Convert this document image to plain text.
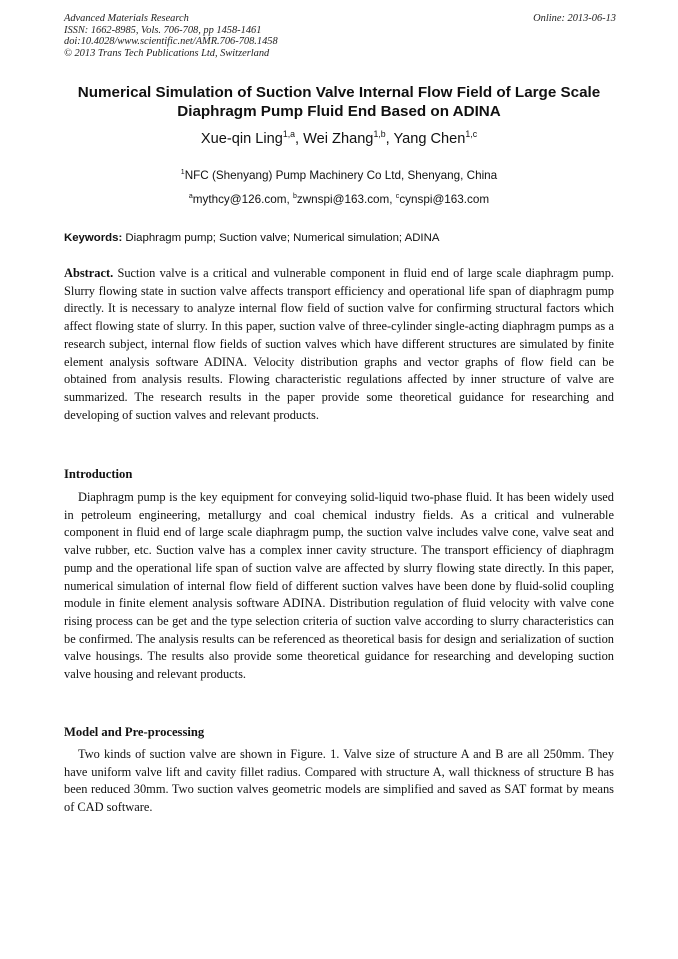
Advanced Materials Research
ISSN: 1662-8985, Vols. 706-708, pp 1458-1461
doi:10.4028/www.scientific.net/AMR.706-708.1458
© 2013 Trans Tech Publications Ltd, Switzerland
Online: 2013-06-13
Numerical Simulation of Suction Valve Internal Flow Field of Large Scale Diaphragm Pump Fluid End Based on ADINA
Xue-qin Ling$^{1,a}$, Wei Zhang$^{1,b}$, Yang Chen$^{1,c}$
$^1$NFC (Shenyang) Pump Machinery Co Ltd, Shenyang, China
$^a$mythcy@126.com, $^b$zwnspi@163.com, $^c$cynspi@163.com
Keywords: Diaphragm pump; Suction valve; Numerical simulation; ADINA
Abstract. Suction valve is a critical and vulnerable component in fluid end of large scale diaphragm pump. Slurry flowing state in suction valve affects transport efficiency and operational life span of diaphragm pump directly. It is necessary to analyze internal flow field of suction valve for confirming structural factors which affect flowing state of slurry. In this paper, suction valve of three-cylinder single-acting diaphragm pumps as a research subject, internal flow fields of suction valves which have different structures are simulated by finite element analysis software ADINA. Velocity distribution graphs and vector graphs of flow field can be obtained from analysis results. Flowing characteristic regulations affected by inner structure of valve are summarized. The research results in the paper provide some theoretical guidance for researching and developing of suction valves and relevant products.
Introduction
Diaphragm pump is the key equipment for conveying solid-liquid two-phase fluid. It has been widely used in petroleum engineering, metallurgy and coal chemical industry fields. As a critical and vulnerable component in fluid end of large scale diaphragm pump, the suction valve includes valve cone, valve seat and valve rubber, etc. Suction valve has a complex inner cavity structure. The transport efficiency of diaphragm pump and the operational life span of suction valve are affected by slurry flowing state directly. In this paper, numerical simulation of internal flow field of different suction valves have been done by fluid-solid coupling module in finite element analysis software ADINA. Distribution regulation of fluid velocity with valve cone rising process can be get and the type selection criteria of suction valve according to slurry characteristics can be confirmed. The analysis results can be referenced as theoretical basis for design and serialization of suction valve housings. The results also provide some theoretical guidance for researching and developing suction valve housing and relevant products.
Model and Pre-processing
Two kinds of suction valve are shown in Figure. 1. Valve size of structure A and B are all 250mm. They have uniform valve lift and cavity fillet radius. Compared with structure A, wall thickness of structure B has been reduced 30mm. Two suction valves geometric models are simplified and saved as SAT format by means of CAD software.
